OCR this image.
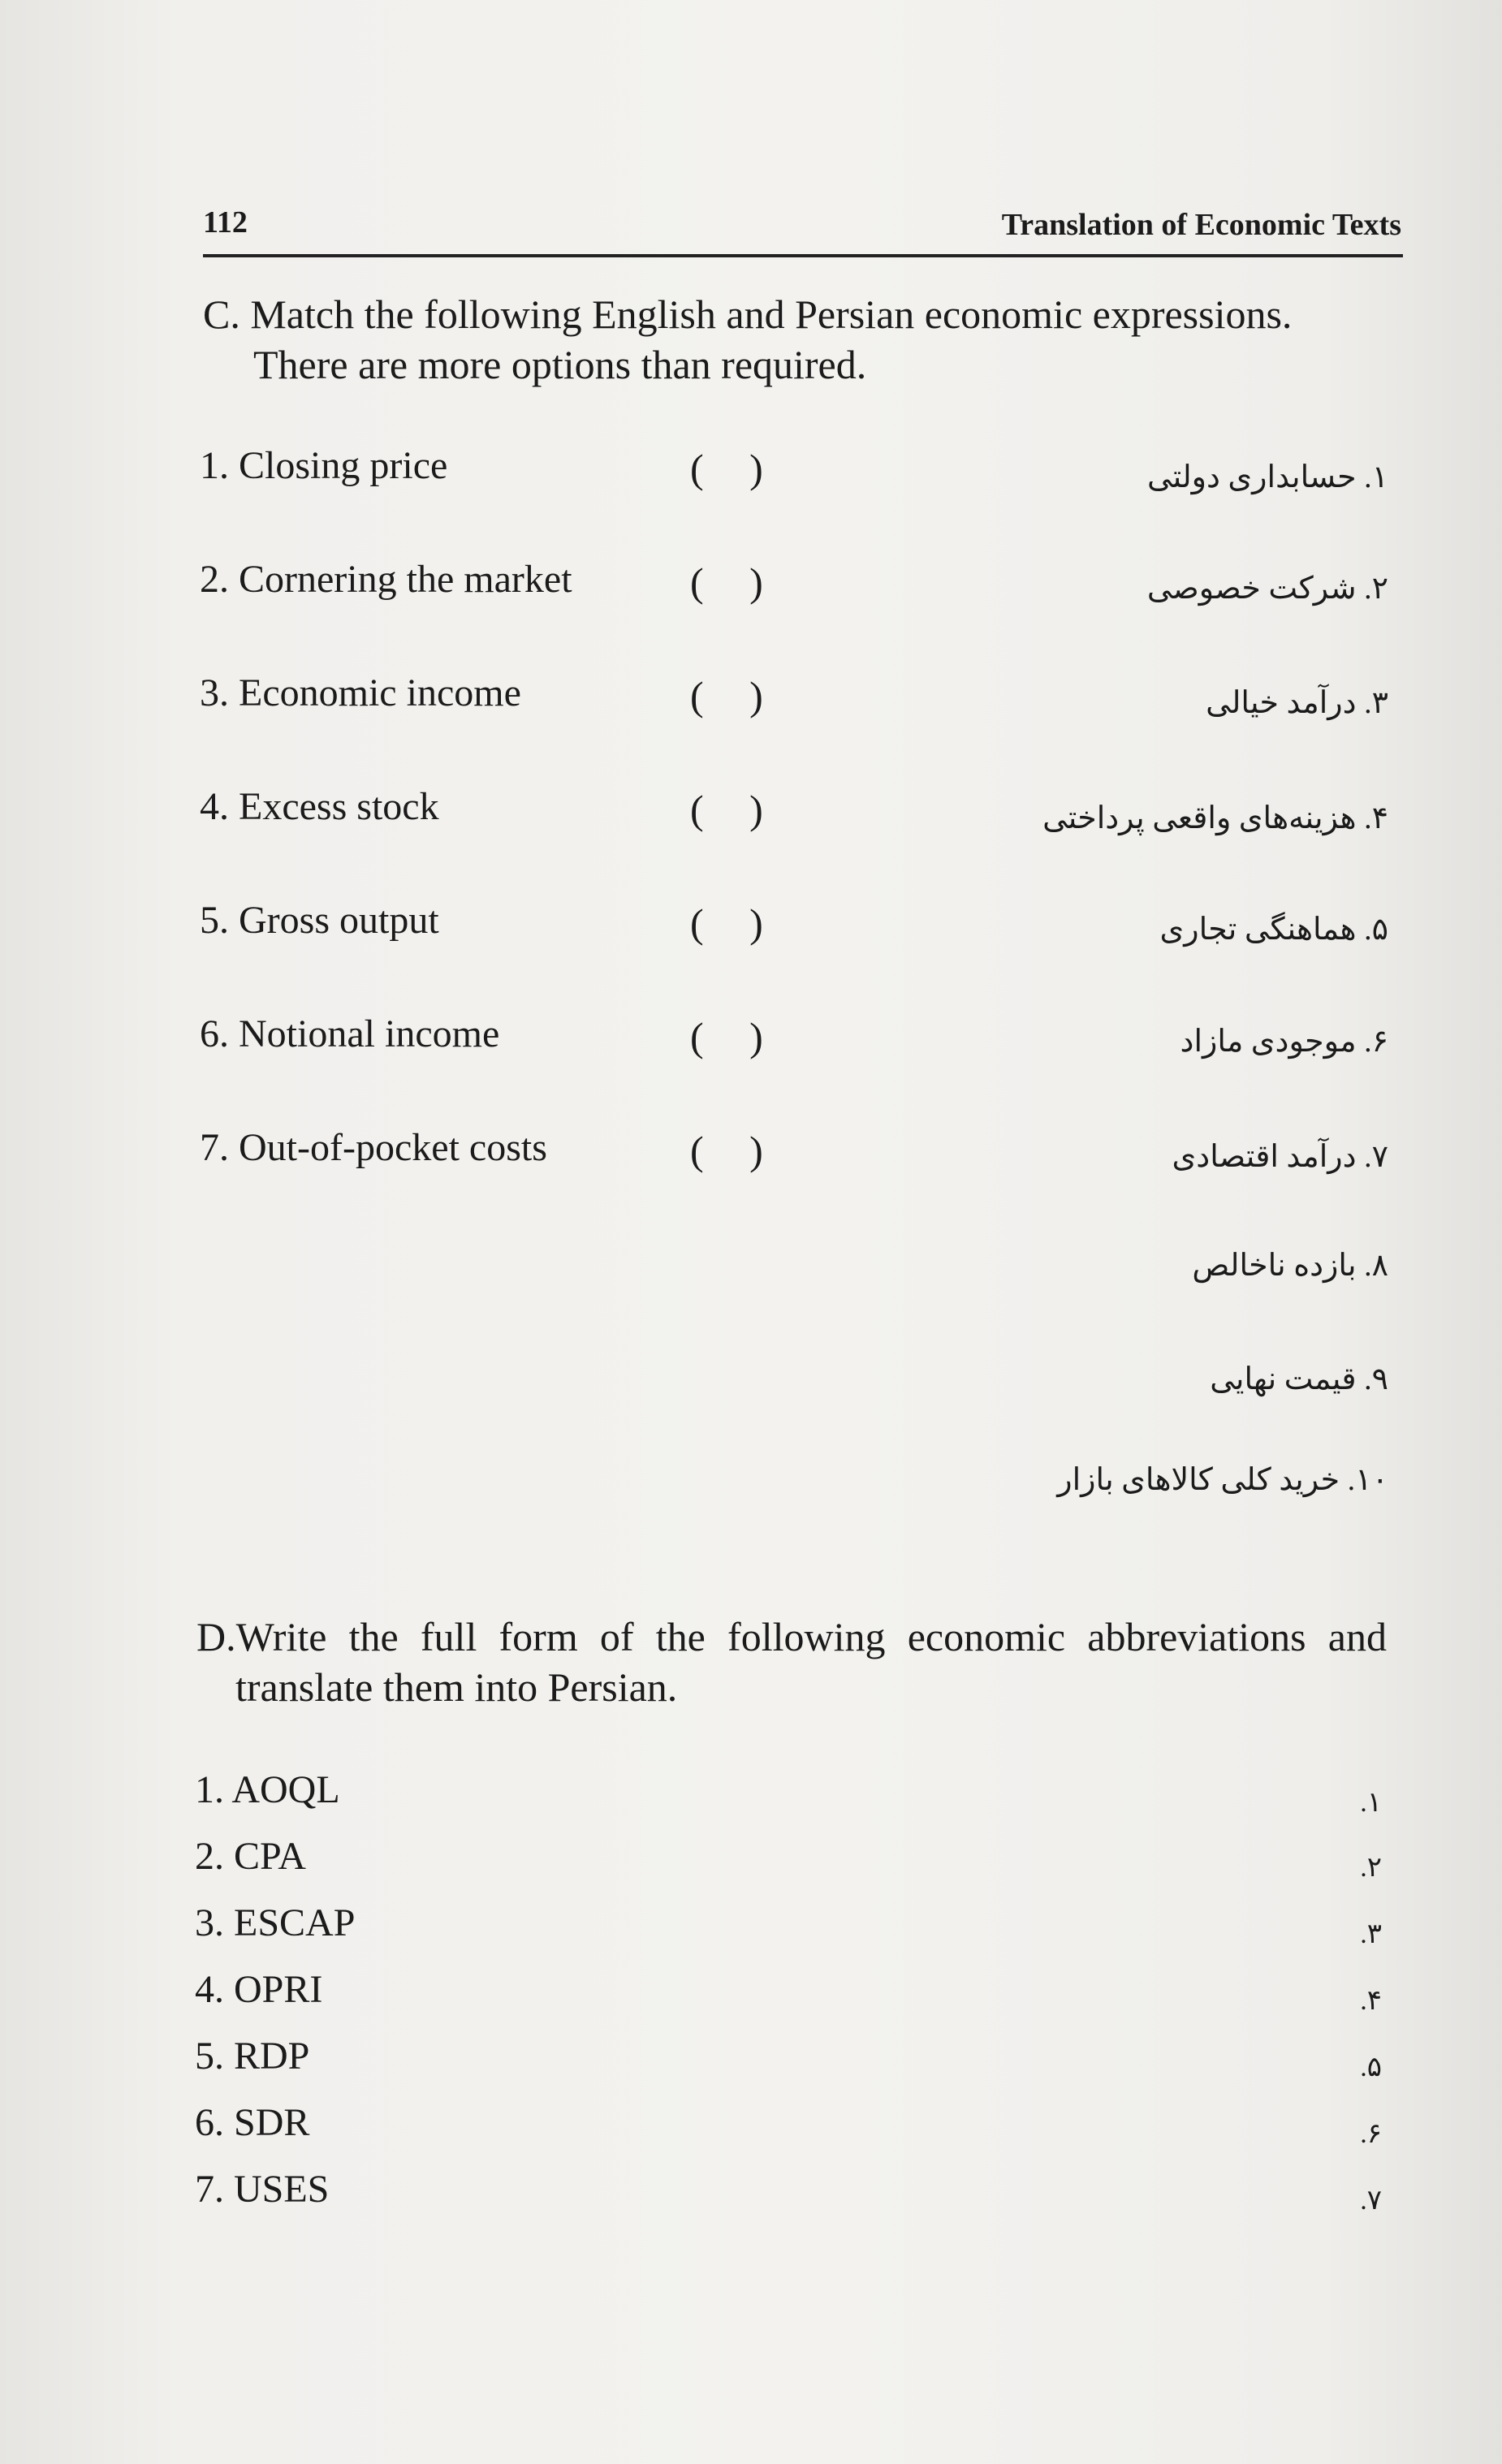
112	Translation of Economic Texts
C. Match the following English and Persian economic expressions.
There are more options than required.
1. Closing price
2. Cornering the market
3. Economic income
4. Excess stock
5. Gross output
6. Notional income
7. Out-of-pocket costs
( )
( )
( )
( )
( )
( )
( )
۱. حسابداری دولتی
۲. شرکت خصوصی
۳. درآمد خیالی
۴. هزینه‌های واقعی پرداختی
۵. هماهنگی تجاری
۶. موجودی مازاد
۷. درآمد اقتصادی
۸. بازده ناخالص
۹. قیمت نهایی
۱۰. خرید کلی کالاهای بازار
D.Write the full form of the following economic abbreviations and
translate them into Persian.
1. AOQL
2. CPA
3. ESCAP
4. OPRI
5. RDP
6. SDR
7. USES
۱.
۲.
۳.
۴.
۵.
۶.
۷.
